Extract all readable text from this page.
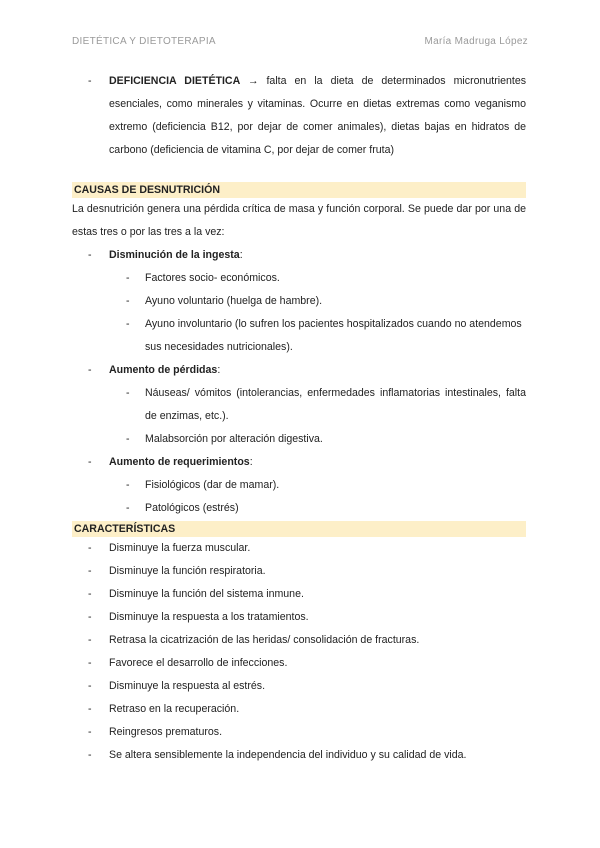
DIETÉTICA Y DIETOTERAPIA	María Madruga López
- DEFICIENCIA DIETÉTICA → falta en la dieta de determinados micronutrientes esenciales, como minerales y vitaminas. Ocurre en dietas extremas como veganismo extremo (deficiencia B12, por dejar de comer animales), dietas bajas en hidratos de carbono (deficiencia de vitamina C, por dejar de comer fruta)
CAUSAS DE DESNUTRICIÓN
La desnutrición genera una pérdida crítica de masa y función corporal. Se puede dar por una de estas tres o por las tres a la vez:
- Disminución de la ingesta:
- Factores socio- económicos.
- Ayuno voluntario (huelga de hambre).
- Ayuno involuntario (lo sufren los pacientes hospitalizados cuando no atendemos sus necesidades nutricionales).
- Aumento de pérdidas:
- Náuseas/ vómitos (intolerancias, enfermedades inflamatorias intestinales, falta de enzimas, etc.).
- Malabsorción por alteración digestiva.
- Aumento de requerimientos:
- Fisiológicos (dar de mamar).
- Patológicos (estrés)
CARACTERÍSTICAS
- Disminuye la fuerza muscular.
- Disminuye la función respiratoria.
- Disminuye la función del sistema inmune.
- Disminuye la respuesta a los tratamientos.
- Retrasa la cicatrización de las heridas/ consolidación de fracturas.
- Favorece el desarrollo de infecciones.
- Disminuye la respuesta al estrés.
- Retraso en la recuperación.
- Reingresos prematuros.
- Se altera sensiblemente la independencia del individuo y su calidad de vida.
